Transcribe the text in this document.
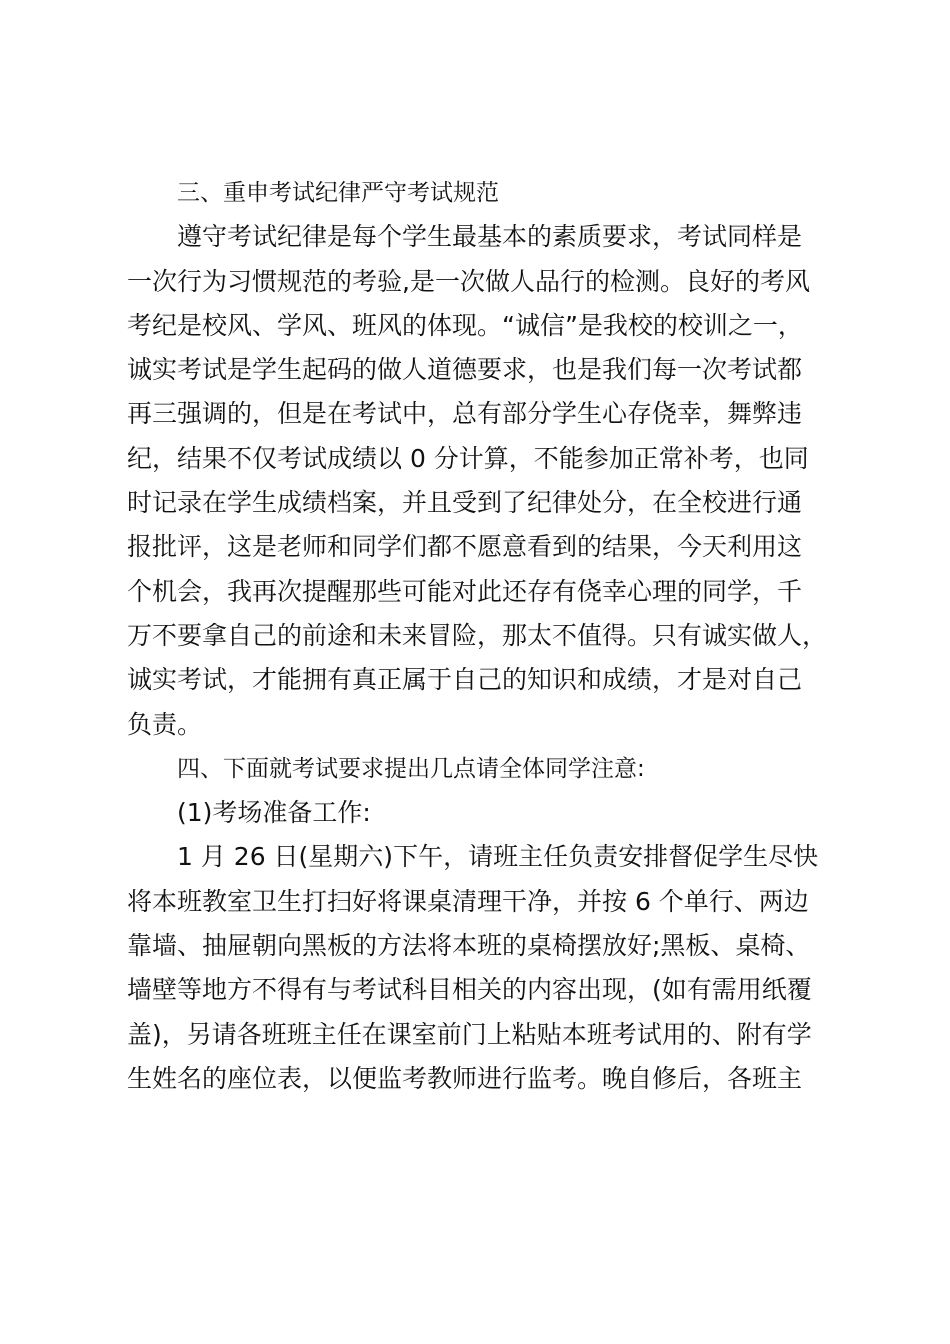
三、重申考试纪律严守考试规范
遵守考试纪律是每个学生最基本的素质要求，考试同样是
一次行为习惯规范的考验,是一次做人品行的检测。良好的考风
考纪是校风、学风、班风的体现。“诚信”是我校的校训之一，
诚实考试是学生起码的做人道德要求，也是我们每一次考试都
再三强调的，但是在考试中，总有部分学生心存侥幸，舞弊违
纪，结果不仅考试成绩以 0 分计算，不能参加正常补考，也同
时记录在学生成绩档案，并且受到了纪律处分，在全校进行通
报批评，这是老师和同学们都不愿意看到的结果，今天利用这
个机会，我再次提醒那些可能对此还存有侥幸心理的同学，千
万不要拿自己的前途和未来冒险，那太不值得。只有诚实做人，
诚实考试，才能拥有真正属于自己的知识和成绩，才是对自己
负责。
四、下面就考试要求提出几点请全体同学注意:
(1)考场准备工作:
1 月 26 日(星期六)下午，请班主任负责安排督促学生尽快
将本班教室卫生打扫好将课桌清理干净，并按 6 个单行、两边
靠墙、抽屉朝向黑板的方法将本班的桌椅摆放好;黑板、桌椅、
墙壁等地方不得有与考试科目相关的内容出现，(如有需用纸覆
盖)，另请各班班主任在课室前门上粘贴本班考试用的、附有学
生姓名的座位表，以便监考教师进行监考。晚自修后，各班主
